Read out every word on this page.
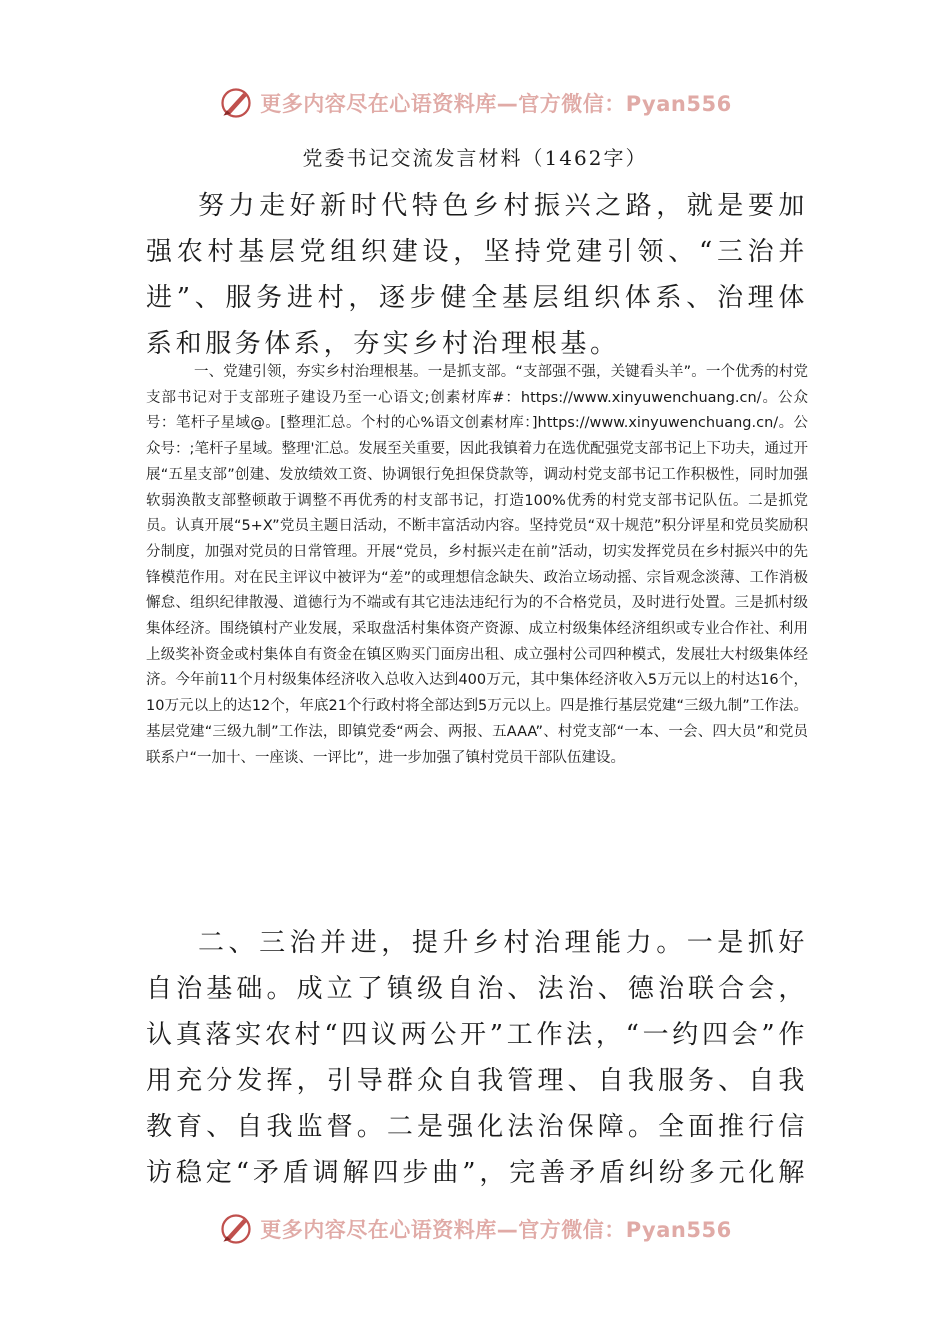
更多内容尽在心语资料库—官方微信：Pyan556
党委书记交流发言材料（1462字）

努力走好新时代特色乡村振兴之路，就是要加强农村基层党组织建设，坚持党建引领、“三治并进”、服务进村，逐步健全基层组织体系、治理体系和服务体系，夯实乡村治理根基。

一、党建引领，夯实乡村治理根基。一是抓支部。“支部强不强，关键看头羊”。一个优秀的村党支部书记对于支部班子建设乃至一心语文;创素材库#：https://www.xinyuwenchuang.cn/。公众号：笔杆子星域@。[整理汇总。个村的心%语文创素材库：]https://www.xinyuwenchuang.cn/。公众号：;笔杆子星域。整理'汇总。发展至关重要，因此我镇着力在选优配强党支部书记上下功夫，通过开展“五星支部”创建、发放绩效工资、协调银行免担保贷款等，调动村党支部书记工作积极性，同时加强软弱涣散支部整顿敢于调整不再优秀的村支部书记，打造100%优秀的村党支部书记队伍。二是抓党员。认真开展“5+X”党员主题日活动，不断丰富活动内容。坚持党员“双十规范”积分评星和党员奖励积分制度，加强对党员的日常管理。开展“党员，乡村振兴走在前”活动，切实发挥党员在乡村振兴中的先锋模范作用。对在民主评议中被评为“差”的或理想信念缺失、政治立场动摇、宗旨观念淡薄、工作消极懈怠、组织纪律散漫、道德行为不端或有其它违法违纪行为的不合格党员，及时进行处置。三是抓村级集体经济。围绕镇村产业发展，采取盘活村集体资产资源、成立村级集体经济组织或专业合作社、利用上级奖补资金或村集体自有资金在镇区购买门面房出租、成立强村公司四种模式，发展壮大村级集体经济。今年前11个月村级集体经济收入总收入达到400万元，其中集体经济收入5万元以上的村达16个，10万元以上的达12个，年底21个行政村将全部达到5万元以上。四是推行基层党建“三级九制”工作法。基层党建“三级九制”工作法，即镇党委“两会、两报、五AAA”、村党支部“一本、一会、四大员”和党员联系户“一加十、一座谈、一评比”，进一步加强了镇村党员干部队伍建设。

二、三治并进，提升乡村治理能力。一是抓好自治基础。成立了镇级自治、法治、德治联合会，认真落实农村“四议两公开”工作法，“一约四会”作用充分发挥，引导群众自我管理、自我服务、自我教育、自我监督。二是强化法治保障。全面推行信访稳定“矛盾调解四步曲”，完善矛盾纠纷多元化解

更多内容尽在心语资料库—官方微信：Pyan556
